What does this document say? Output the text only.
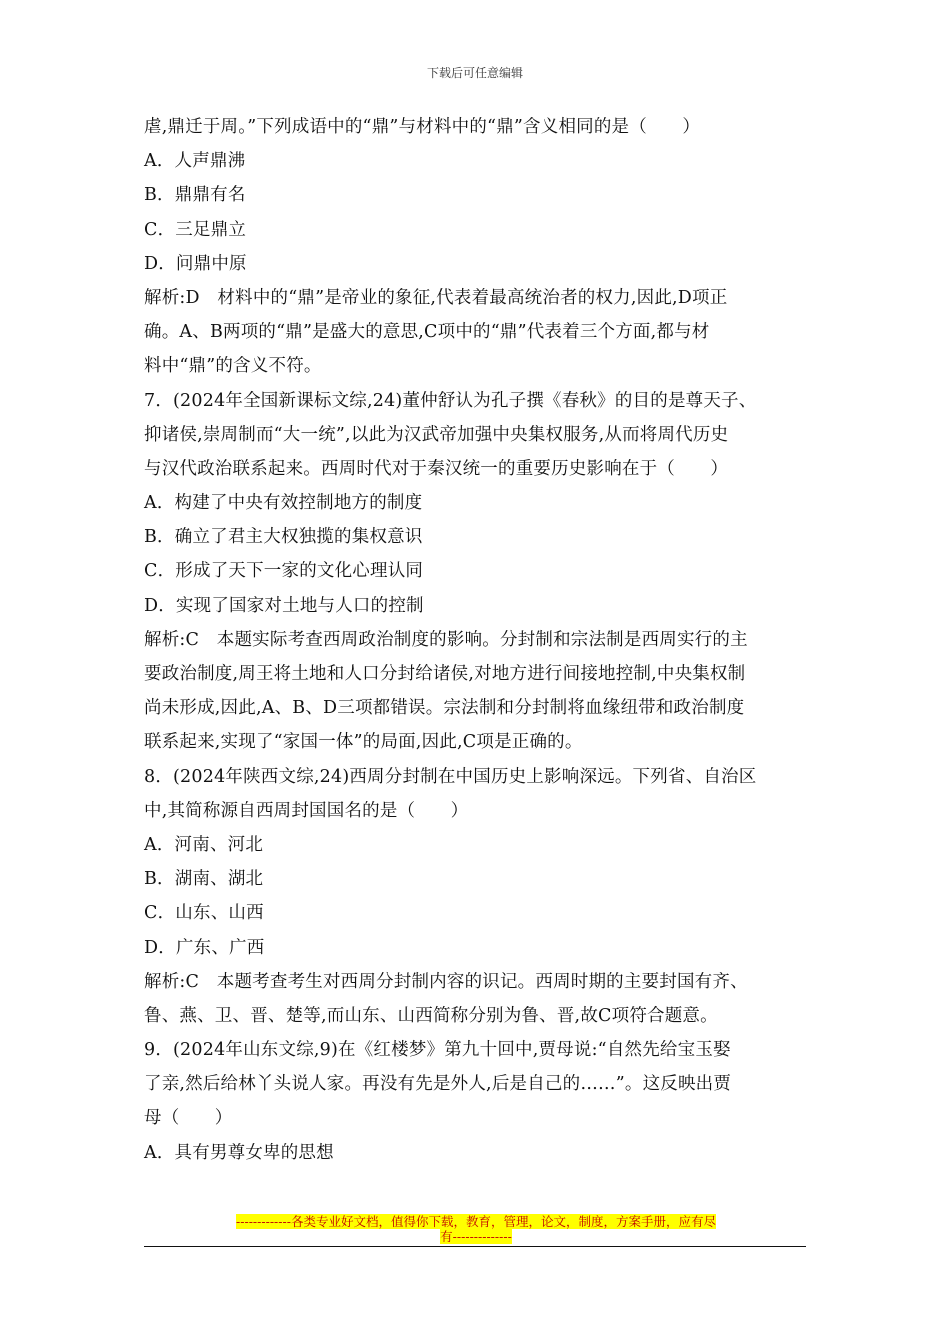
下载后可任意编辑
虐,鼎迁于周。”下列成语中的“鼎”与材料中的“鼎”含义相同的是（　　）
A．人声鼎沸
B．鼎鼎有名
C．三足鼎立
D．问鼎中原
解析:D　材料中的“鼎”是帝业的象征,代表着最高统治者的权力,因此,D项正
确。A、B两项的“鼎”是盛大的意思,C项中的“鼎”代表着三个方面,都与材
料中“鼎”的含义不符。
7．(2024年全国新课标文综,24)董仲舒认为孔子撰《春秋》的目的是尊天子、
抑诸侯,崇周制而“大一统”,以此为汉武帝加强中央集权服务,从而将周代历史
与汉代政治联系起来。西周时代对于秦汉统一的重要历史影响在于（　　）
A．构建了中央有效控制地方的制度
B．确立了君主大权独揽的集权意识
C．形成了天下一家的文化心理认同
D．实现了国家对土地与人口的控制
解析:C　本题实际考查西周政治制度的影响。分封制和宗法制是西周实行的主
要政治制度,周王将土地和人口分封给诸侯,对地方进行间接地控制,中央集权制
尚未形成,因此,A、B、D三项都错误。宗法制和分封制将血缘纽带和政治制度
联系起来,实现了“家国一体”的局面,因此,C项是正确的。
8．(2024年陕西文综,24)西周分封制在中国历史上影响深远。下列省、自治区
中,其简称源自西周封国国名的是（　　）
A．河南、河北
B．湖南、湖北
C．山东、山西
D．广东、广西
解析:C　本题考查考生对西周分封制内容的识记。西周时期的主要封国有齐、
鲁、燕、卫、晋、楚等,而山东、山西简称分别为鲁、晋,故C项符合题意。
9．(2024年山东文综,9)在《红楼梦》第九十回中,贾母说:“自然先给宝玉娶
了亲,然后给林丫头说人家。再没有先是外人,后是自己的……”。这反映出贾
母（　　）
A．具有男尊女卑的思想
-------------各类专业好文档，值得你下载，教育，管理，论文，制度，方案手册，应有尽
有--------------
